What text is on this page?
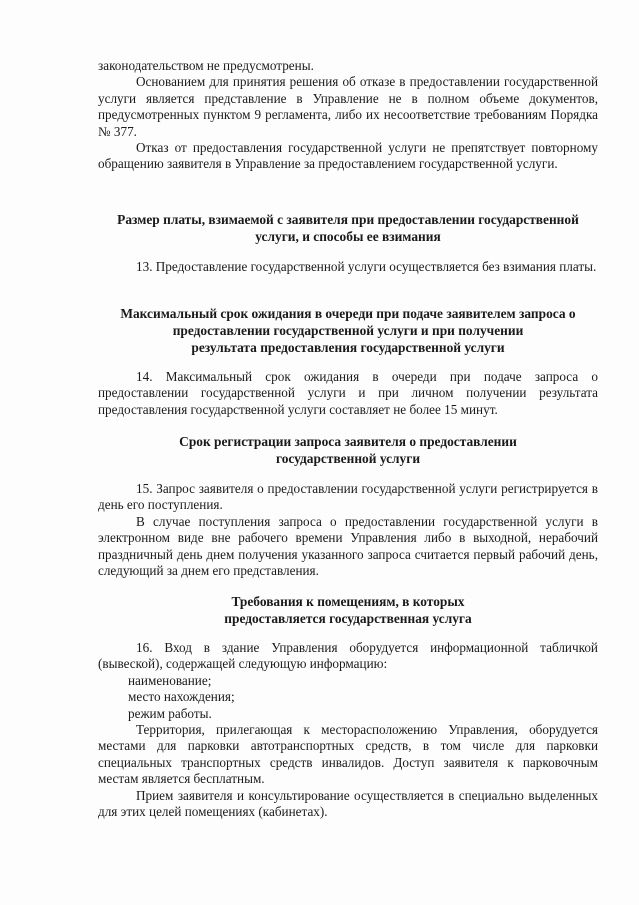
законодательством не предусмотрены.

Основанием для принятия решения об отказе в предоставлении государственной услуги является представление в Управление не в полном объеме документов, предусмотренных пунктом 9 регламента, либо их несоответствие требованиям Порядка № 377.

Отказ от предоставления государственной услуги не препятствует повторному обращению заявителя в Управление за предоставлением государственной услуги.

Размер платы, взимаемой с заявителя при предоставлении государственной
услуги, и способы ее взимания

13. Предоставление государственной услуги осуществляется без взимания платы.

Максимальный срок ожидания в очереди при подаче заявителем запроса о
предоставлении государственной услуги и при получении
результата предоставления государственной услуги

14. Максимальный срок ожидания в очереди при подаче запроса о предоставлении государственной услуги и при личном получении результата предоставления государственной услуги составляет не более 15 минут.

Срок регистрации запроса заявителя о предоставлении
государственной услуги

15. Запрос заявителя о предоставлении государственной услуги регистрируется в день его поступления.

В случае поступления запроса о предоставлении государственной услуги в электронном виде вне рабочего времени Управления либо в выходной, нерабочий праздничный день днем получения указанного запроса считается первый рабочий день, следующий за днем его представления.

Требования к помещениям, в которых
предоставляется государственная услуга

16. Вход в здание Управления оборудуется информационной табличкой (вывеской), содержащей следующую информацию:

наименование;

место нахождения;

режим работы.

Территория, прилегающая к месторасположению Управления, оборудуется местами для парковки автотранспортных средств, в том числе для парковки специальных транспортных средств инвалидов. Доступ заявителя к парковочным местам является бесплатным.

Прием заявителя и консультирование осуществляется в специально выделенных для этих целей помещениях (кабинетах).
